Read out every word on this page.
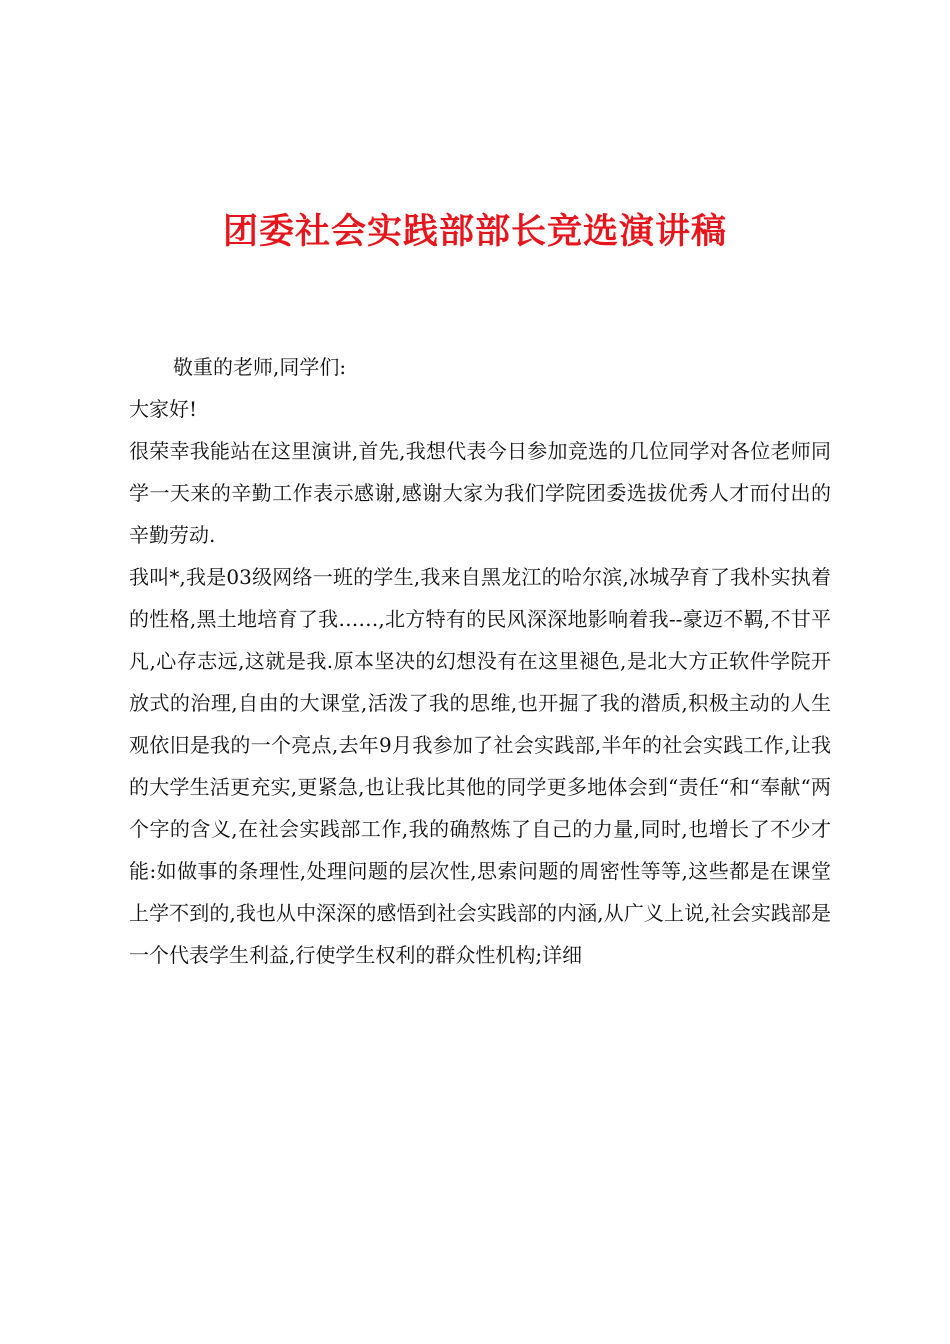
团委社会实践部部长竞选演讲稿

敬重的老师,同学们:

大家好!

很荣幸我能站在这里演讲,首先,我想代表今日参加竞选的几位同学对各位老师同学一天来的辛勤工作表示感谢,感谢大家为我们学院团委选拔优秀人才而付出的辛勤劳动.

我叫*,我是03级网络一班的学生,我来自黑龙江的哈尔滨,冰城孕育了我朴实执着的性格,黑土地培育了我……,北方特有的民风深深地影响着我--豪迈不羁,不甘平凡,心存志远,这就是我.原本坚决的幻想没有在这里褪色,是北大方正软件学院开放式的治理,自由的大课堂,活泼了我的思维,也开掘了我的潜质,积极主动的人生观依旧是我的一个亮点,去年9月我参加了社会实践部,半年的社会实践工作,让我的大学生活更充实,更紧急,也让我比其他的同学更多地体会到“责任“和“奉献“两个字的含义,在社会实践部工作,我的确熬炼了自己的力量,同时,也增长了不少才能:如做事的条理性,处理问题的层次性,思索问题的周密性等等,这些都是在课堂上学不到的,我也从中深深的感悟到社会实践部的内涵,从广义上说,社会实践部是一个代表学生利益,行使学生权利的群众性机构;详细
